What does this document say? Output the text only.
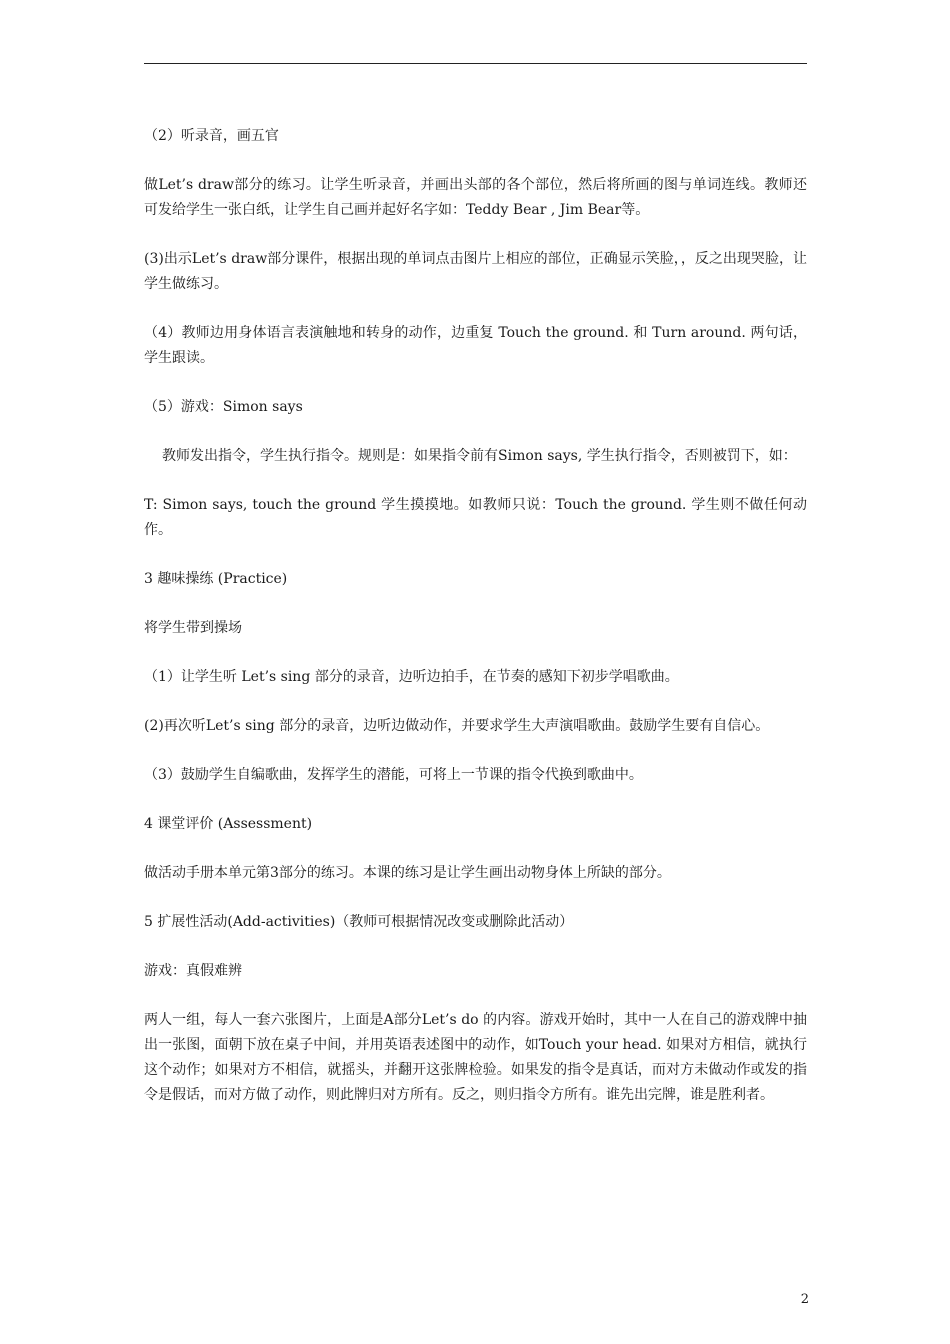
（2）听录音，画五官

做Let’s draw部分的练习。让学生听录音，并画出头部的各个部位，然后将所画的图与单词连线。教师还可发给学生一张白纸，让学生自己画并起好名字如：Teddy Bear , Jim Bear等。

(3)出示Let’s draw部分课件，根据出现的单词点击图片上相应的部位，正确显示笑脸，，反之出现哭脸，让学生做练习。

（4）教师边用身体语言表演触地和转身的动作，边重复 Touch the ground. 和 Turn around. 两句话，学生跟读。

（5）游戏：Simon says

教师发出指令，学生执行指令。规则是：如果指令前有Simon says, 学生执行指令，否则被罚下，如：

T: Simon says, touch the ground 学生摸摸地。如教师只说：Touch the ground. 学生则不做任何动作。

3 趣味操练 (Practice)

将学生带到操场

（1）让学生听 Let’s sing 部分的录音，边听边拍手，在节奏的感知下初步学唱歌曲。

(2)再次听Let’s sing 部分的录音，边听边做动作，并要求学生大声演唱歌曲。鼓励学生要有自信心。

（3）鼓励学生自编歌曲，发挥学生的潜能，可将上一节课的指令代换到歌曲中。

4 课堂评价 (Assessment)

做活动手册本单元第3部分的练习。本课的练习是让学生画出动物身体上所缺的部分。

5 扩展性活动(Add-activities)（教师可根据情况改变或删除此活动）

游戏：真假难辨

两人一组，每人一套六张图片，上面是A部分Let’s do 的内容。游戏开始时，其中一人在自己的游戏牌中抽出一张图，面朝下放在桌子中间，并用英语表述图中的动作，如Touch your head. 如果对方相信，就执行这个动作；如果对方不相信，就摇头，并翻开这张牌检验。如果发的指令是真话，而对方未做动作或发的指令是假话，而对方做了动作，则此牌归对方所有。反之，则归指令方所有。谁先出完牌，谁是胜利者。

2
